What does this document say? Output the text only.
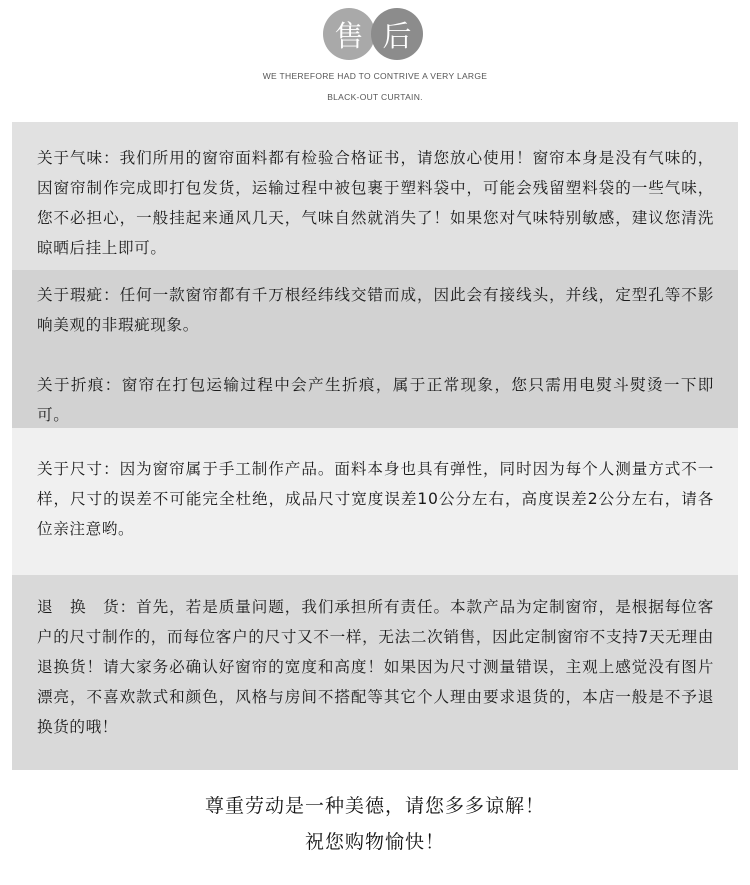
售 后
WE THEREFORE HAD TO CONTRIVE A VERY LARGE
BLACK-OUT CURTAIN.

关于气味：我们所用的窗帘面料都有检验合格证书，请您放心使用！窗帘本身是没有气味的，因窗帘制作完成即打包发货，运输过程中被包裹于塑料袋中，可能会残留塑料袋的一些气味，您不必担心，一般挂起来通风几天，气味自然就消失了！如果您对气味特别敏感，建议您清洗晾晒后挂上即可。

关于瑕疵：任何一款窗帘都有千万根经纬线交错而成，因此会有接线头，并线，定型孔等不影响美观的非瑕疵现象。

关于折痕：窗帘在打包运输过程中会产生折痕，属于正常现象，您只需用电熨斗熨烫一下即可。

关于尺寸：因为窗帘属于手工制作产品。面料本身也具有弹性，同时因为每个人测量方式不一样，尺寸的误差不可能完全杜绝，成品尺寸宽度误差10公分左右，高度误差2公分左右，请各位亲注意哟。

退　换　货：首先，若是质量问题，我们承担所有责任。本款产品为定制窗帘，是根据每位客户的尺寸制作的，而每位客户的尺寸又不一样，无法二次销售，因此定制窗帘不支持7天无理由退换货！请大家务必确认好窗帘的宽度和高度！如果因为尺寸测量错误，主观上感觉没有图片漂亮，不喜欢款式和颜色，风格与房间不搭配等其它个人理由要求退货的，本店一般是不予退换货的哦！

尊重劳动是一种美德，请您多多谅解！
祝您购物愉快！
